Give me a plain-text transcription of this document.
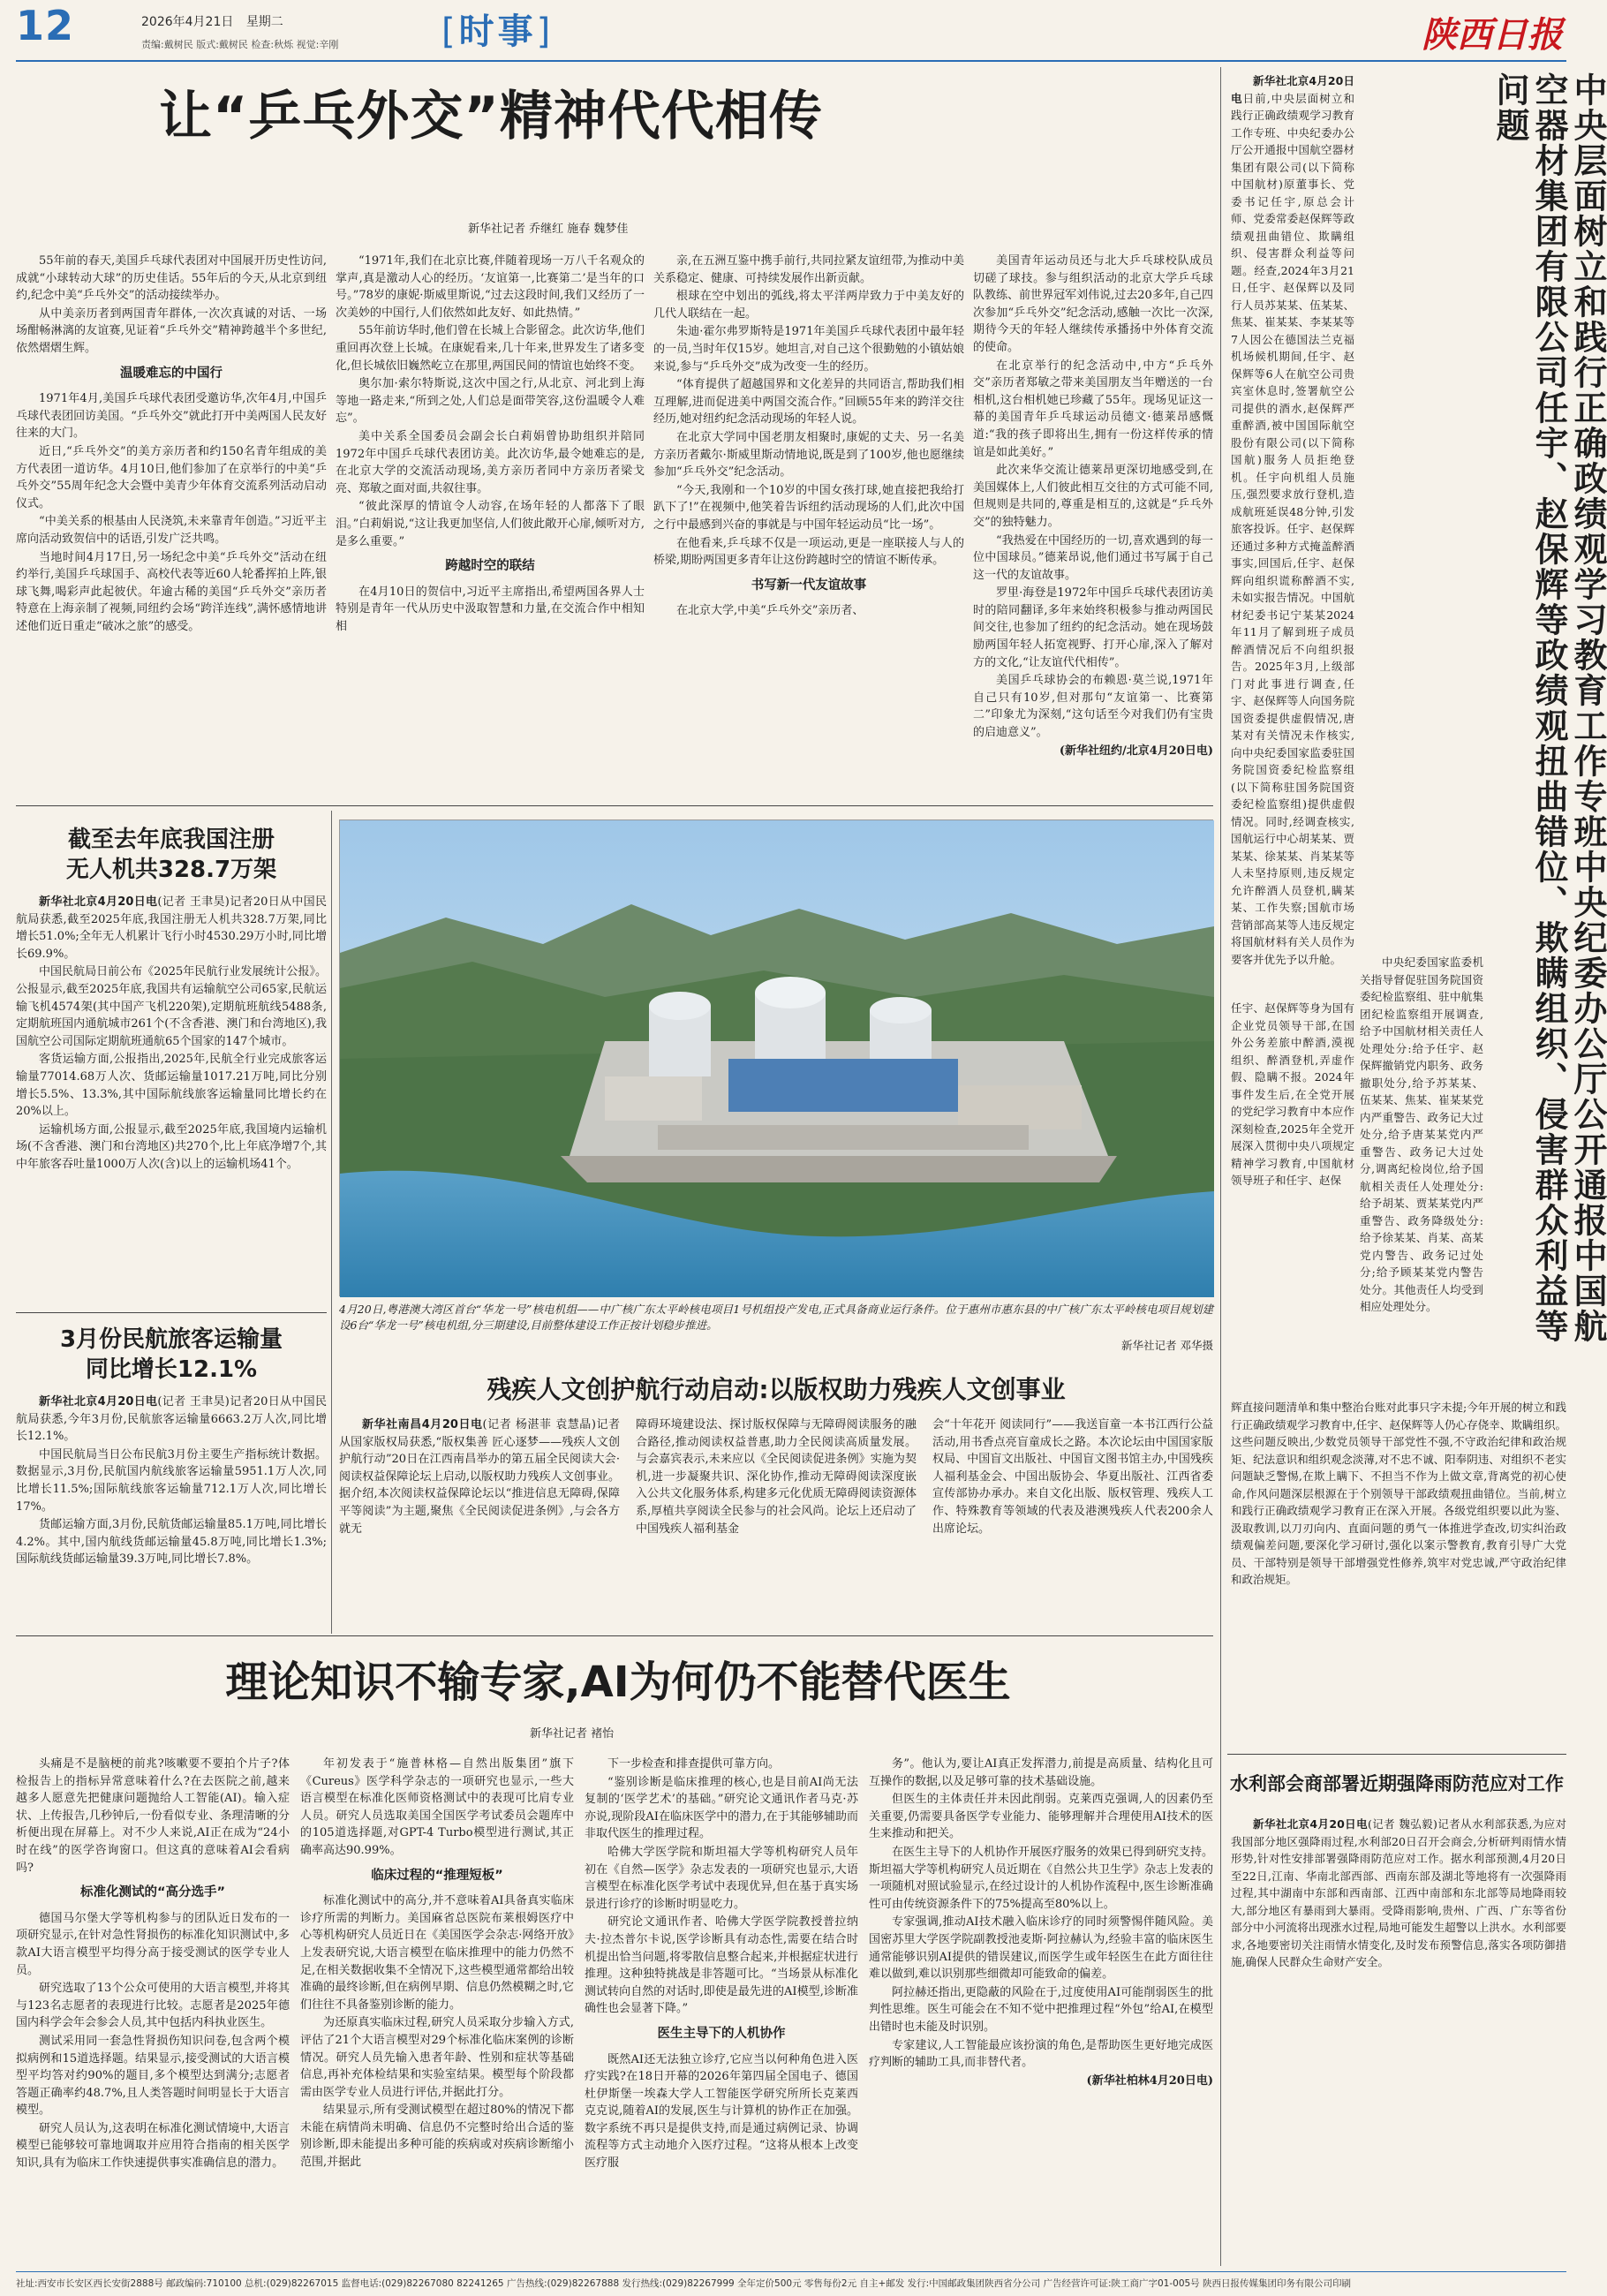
12	2026年4月21日 星期二
责编:戴树民 版式:戴树民 检查:秋烁 视觉:辛刚	[时事]	陕西日报
让“乒乓外交”精神代代相传
新华社记者 乔继红 施春 魏梦佳

55年前的春天,美国乒乓球代表团对中国展开历史性访问,成就“小球转动大球”的历史佳话。55年后的今天,从北京到纽约,纪念中美“乒乓外交”的活动接续举办。

从中美亲历者到两国青年群体,一次次真诚的对话、一场场酣畅淋漓的友谊赛,见证着“乒乓外交”精神跨越半个多世纪,依然熠熠生辉。

温暖难忘的中国行

1971年4月,美国乒乓球代表团受邀访华,次年4月,中国乒乓球代表团回访美国。“乒乓外交”就此打开中美两国人民友好往来的大门。

近日,“乒乓外交”的美方亲历者和约150名青年组成的美方代表团一道访华。4月10日,他们参加了在京举行的中美“乒乓外交”55周年纪念大会暨中美青少年体育交流系列活动启动仪式。

“中美关系的根基由人民浇筑,未来靠青年创造。”习近平主席向活动致贺信中的话语,引发广泛共鸣。

当地时间4月17日,另一场纪念中美“乒乓外交”活动在纽约举行,美国乒乓球国手、高校代表等近60人轮番挥拍上阵,银球飞舞,喝彩声此起彼伏。年逾古稀的美国“乒乓外交”亲历者特意在上海亲制了视频,同纽约会场“跨洋连线”,满怀感情地讲述他们近日重走“破冰之旅”的感受。

“1971年,我们在北京比赛,伴随着现场一万八千名观众的掌声,真是激动人心的经历。‘友谊第一,比赛第二’是当年的口号。”78岁的康妮·斯威里斯说,“过去这段时间,我们又经历了一次美妙的中国行,人们依然如此友好、如此热情。”

55年前访华时,他们曾在长城上合影留念。此次访华,他们重回再次登上长城。在康妮看来,几十年来,世界发生了诸多变化,但长城依旧巍然屹立在那里,两国民间的情谊也始终不变。

奥尔加·索尔特斯说,这次中国之行,从北京、河北到上海等地一路走来,“所到之处,人们总是面带笑容,这份温暖令人难忘”。

美中关系全国委员会副会长白莉娟曾协助组织并陪同1972年中国乒乓球代表团访美。此次访华,最令她难忘的是,在北京大学的交流活动现场,美方亲历者同中方亲历者梁戈亮、郑敏之面对面,共叙往事。

“彼此深厚的情谊令人动容,在场年轻的人都落下了眼泪。”白莉娟说,“这让我更加坚信,人们彼此敞开心扉,倾听对方,是多么重要。”

跨越时空的联结

在4月10日的贺信中,习近平主席指出,希望两国各界人士特别是青年一代从历史中汲取智慧和力量,在交流合作中相知相

亲,在五洲互鉴中携手前行,共同拉紧友谊纽带,为推动中美关系稳定、健康、可持续发展作出新贡献。

根球在空中划出的弧线,将太平洋两岸致力于中美友好的几代人联结在一起。

朱迪·霍尔弗罗斯特是1971年美国乒乓球代表团中最年轻的一员,当时年仅15岁。她坦言,对自己这个很勤勉的小镇姑娘来说,参与“乒乓外交”成为改变一生的经历。

“体育提供了超越国界和文化差异的共同语言,帮助我们相互理解,进而促进美中两国交流合作。”回顾55年来的跨洋交往经历,她对纽约纪念活动现场的年轻人说。

在北京大学同中国老朋友相聚时,康妮的丈夫、另一名美方亲历者戴尔·斯威里斯动情地说,既是到了100岁,他也愿继续参加“乒乓外交”纪念活动。

“今天,我刚和一个10岁的中国女孩打球,她直接把我给打趴下了!”在视频中,他笑着告诉纽约活动现场的人们,此次中国之行中最感到兴奋的事就是与中国年轻运动员“比一场”。

在他看来,乒乓球不仅是一项运动,更是一座联接人与人的桥梁,期盼两国更多青年让这份跨越时空的情谊不断传承。

书写新一代友谊故事

在北京大学,中美“乒乓外交”亲历者、

美国青年运动员还与北大乒乓球校队成员切磋了球技。参与组织活动的北京大学乒乓球队教练、前世界冠军刘伟说,过去20多年,自己四次参加“乒乓外交”纪念活动,感触一次比一次深,期待今天的年轻人继续传承播扬中外体育交流的使命。

在北京举行的纪念活动中,中方“乒乓外交”亲历者郑敏之带来美国朋友当年赠送的一台相机,这台相机她已珍藏了55年。现场见证这一幕的美国青年乒乓球运动员德文·德莱昂感慨道:“我的孩子即将出生,拥有一份这样传承的情谊是如此美好。”

此次来华交流让德莱昂更深切地感受到,在美国媒体上,人们彼此相互交往的方式可能不同,但规则是共同的,尊重是相互的,这就是“乒乓外交”的独特魅力。

“我热爱在中国经历的一切,喜欢遇到的每一位中国球员。”德莱昂说,他们通过书写属于自己这一代的友谊故事。

罗里·海登是1972年中国乒乓球代表团访美时的陪同翻译,多年来始终积极参与推动两国民间交往,也参加了纽约的纪念活动。她在现场鼓励两国年轻人拓宽视野、打开心扉,深入了解对方的文化,“让友谊代代相传”。

美国乒乓球协会的布赖恩·莫兰说,1971年自己只有10岁,但对那句“友谊第一、比赛第二”印象尤为深刻,“这句话至今对我们仍有宝贵的启迪意义”。

(新华社纽约/北京4月20日电)

截至去年底我国注册
无人机共328.7万架

新华社北京4月20日电(记者 王聿昊)记者20日从中国民航局获悉,截至2025年底,我国注册无人机共328.7万架,同比增长51.0%;全年无人机累计飞行小时4530.29万小时,同比增长69.9%。

中国民航局日前公布《2025年民航行业发展统计公报》。公报显示,截至2025年底,我国共有运输航空公司65家,民航运输飞机4574架(其中国产飞机220架),定期航班航线5488条,定期航班国内通航城市261个(不含香港、澳门和台湾地区),我国航空公司国际定期航班通航65个国家的147个城市。

客货运输方面,公报指出,2025年,民航全行业完成旅客运输量77014.68万人次、货邮运输量1017.21万吨,同比分别增长5.5%、13.3%,其中国际航线旅客运输量同比增长约在20%以上。

运输机场方面,公报显示,截至2025年底,我国境内运输机场(不含香港、澳门和台湾地区)共270个,比上年底净增7个,其中年旅客吞吐量1000万人次(含)以上的运输机场41个。

3月份民航旅客运输量
同比增长12.1%

新华社北京4月20日电(记者 王聿昊)记者20日从中国民航局获悉,今年3月份,民航旅客运输量6663.2万人次,同比增长12.1%。

中国民航局当日公布民航3月份主要生产指标统计数据。数据显示,3月份,民航国内航线旅客运输量5951.1万人次,同比增长11.5%;国际航线旅客运输量712.1万人次,同比增长17%。

货邮运输方面,3月份,民航货邮运输量85.1万吨,同比增长4.2%。其中,国内航线货邮运输量45.8万吨,同比增长1.3%;国际航线货邮运输量39.3万吨,同比增长7.8%。

4月20日,粤港澳大湾区首台“华龙一号”核电机组——中广核广东太平岭核电项目1号机组投产发电,正式具备商业运行条件。位于惠州市惠东县的中广核广东太平岭核电项目规划建设6台“华龙一号”核电机组,分三期建设,目前整体建设工作正按计划稳步推进。
新华社记者 邓华摄
残疾人文创护航行动启动:以版权助力残疾人文创事业

新华社南昌4月20日电(记者 杨湛菲 袁慧晶)记者从国家版权局获悉,“版权集善 匠心逐梦——残疾人文创护航行动”20日在江西南昌举办的第五届全民阅读大会·阅读权益保障论坛上启动,以版权助力残疾人文创事业。据介绍,本次阅读权益保障论坛以“推进信息无障碍,保障平等阅读”为主题,聚焦《全民阅读促进条例》,与会各方就无

障碍环境建设法、探讨版权保障与无障碍阅读服务的融合路径,推动阅读权益普惠,助力全民阅读高质量发展。与会嘉宾表示,未来应以《全民阅读促进条例》实施为契机,进一步凝聚共识、深化协作,推动无障碍阅读深度嵌入公共文化服务体系,构建多元化优质无障碍阅读资源体系,厚植共享阅读全民参与的社会风尚。论坛上还启动了中国残疾人福利基金

会“十年花开 阅读同行”——我送盲童一本书江西行公益活动,用书香点亮盲童成长之路。本次论坛由中国国家版权局、中国盲文出版社、中国盲文图书馆主办,中国残疾人福利基金会、中国出版协会、华夏出版社、江西省委宣传部协办承办。来自文化出版、版权管理、残疾人工作、特殊教育等领域的代表及港澳残疾人代表200余人出席论坛。

理论知识不输专家,AI为何仍不能替代医生
新华社记者 褚怡

头痛是不是脑梗的前兆?咳嗽要不要拍个片子?体检报告上的指标异常意味着什么?在去医院之前,越来越多人愿意先把健康问题抛给人工智能(AI)。输入症状、上传报告,几秒钟后,一份看似专业、条理清晰的分析便出现在屏幕上。对不少人来说,AI正在成为“24小时在线”的医学咨询窗口。但这真的意味着AI会看病吗?

标准化测试的“高分选手”

德国马尔堡大学等机构参与的团队近日发布的一项研究显示,在针对急性肾损伤的标准化知识测试中,多款AI大语言模型平均得分高于接受测试的医学专业人员。

研究选取了13个公众可使用的大语言模型,并将其与123名志愿者的表现进行比较。志愿者是2025年德国内科学会年会参会人员,其中包括内科执业医生。

测试采用同一套急性肾损伤知识问卷,包含两个模拟病例和15道选择题。结果显示,接受测试的大语言模型平均答对约90%的题目,多个模型达到满分;志愿者答题正确率约48.7%,且人类答题时间明显长于大语言模型。

研究人员认为,这表明在标准化测试情境中,大语言模型已能够较可靠地调取并应用符合指南的相关医学知识,具有为临床工作快速提供事实准确信息的潜力。

年初发表于“施普林格—自然出版集团”旗下《Cureus》医学科学杂志的一项研究也显示,一些大语言模型在标准化医师资格测试中的表现可比肩专业人员。研究人员选取美国全国医学考试委员会题库中的105道选择题,对GPT-4 Turbo模型进行测试,其正确率高达90.99%。

临床过程的“推理短板”

标准化测试中的高分,并不意味着AI具备真实临床诊疗所需的判断力。美国麻省总医院布莱根姆医疗中心等机构研究人员近日在《美国医学会杂志·网络开放》上发表研究说,大语言模型在临床推理中的能力仍然不足,在相关数据收集不全情况下,这些模型通常都给出较准确的最终诊断,但在病例早期、信息仍然模糊之时,它们往往不具备鉴别诊断的能力。

为还原真实临床过程,研究人员采取分步输入方式,评估了21个大语言模型对29个标准化临床案例的诊断情况。研究人员先输入患者年龄、性别和症状等基础信息,再补充体检结果和实验室结果。模型每个阶段都需由医学专业人员进行评估,并据此打分。

结果显示,所有受测试模型在超过80%的情况下都未能在病情尚未明确、信息仍不完整时给出合适的鉴别诊断,即未能提出多种可能的疾病或对疾病诊断缩小范围,并据此

下一步检查和排查提供可靠方向。

“鉴别诊断是临床推理的核心,也是目前AI尚无法复制的‘医学艺术’的基础。”研究论文通讯作者马克·苏亦说,现阶段AI在临床医学中的潜力,在于其能够辅助而非取代医生的推理过程。

哈佛大学医学院和斯坦福大学等机构研究人员年初在《自然—医学》杂志发表的一项研究也显示,大语言模型在标准化医学考试中表现优异,但在基于真实场景进行诊疗的诊断时明显吃力。

研究论文通讯作者、哈佛大学医学院教授普拉纳夫·拉杰普尔卡说,医学诊断具有动态性,需要在结合时机提出恰当问题,将零散信息整合起来,并根据症状进行推理。这种独特挑战是非答题可比。“当场景从标准化测试转向自然的对话时,即使是最先进的AI模型,诊断准确性也会显著下降。”

医生主导下的人机协作

既然AI还无法独立诊疗,它应当以何种角色进入医疗实践?在18日开幕的2026年第四届全国电子、德国杜伊斯堡一埃森大学人工智能医学研究所所长克莱西克克说,随着AI的发展,医生与计算机的协作正在加强。数字系统不再只是提供支持,而是通过病例记录、协调流程等方式主动地介入医疗过程。“这将从根本上改变医疗服

务”。他认为,要让AI真正发挥潜力,前提是高质量、结构化且可互操作的数据,以及足够可靠的技术基础设施。

但医生的主体责任并未因此削弱。克莱西克强调,人的因素仍至关重要,仍需要具备医学专业能力、能够理解并合理使用AI技术的医生来推动和把关。

在医生主导下的人机协作开展医疗服务的效果已得到研究支持。斯坦福大学等机构研究人员近期在《自然公共卫生学》杂志上发表的一项随机对照试验显示,在经过设计的人机协作流程中,医生诊断准确性可由传统资源条件下的75%提高至80%以上。

专家强调,推动AI技术融入临床诊疗的同时须警惕伴随风险。美国密苏里大学医学院副教授池麦斯·阿拉赫认为,经验丰富的临床医生通常能够识别AI提供的错误建议,而医学生或年轻医生在此方面往往难以做到,难以识别那些细微却可能致命的偏差。

阿拉赫还指出,更隐蔽的风险在于,过度使用AI可能削弱医生的批判性思维。医生可能会在不知不觉中把推理过程“外包”给AI,在模型出错时也未能及时识别。

专家建议,人工智能最应该扮演的角色,是帮助医生更好地完成医疗判断的辅助工具,而非替代者。

(新华社柏林4月20日电)

中央层面树立和践行正确政绩观学习教育工作专班中央纪委办公厅公开通报中国航空器材集团有限公司任宇、赵保辉等政绩观扭曲错位、欺瞒组织、侵害群众利益等问题

新华社北京4月20日电日前,中央层面树立和践行正确政绩观学习教育工作专班、中央纪委办公厅公开通报中国航空器材集团有限公司(以下简称中国航材)原董事长、党委书记任宇,原总会计师、党委常委赵保辉等政绩观扭曲错位、欺瞒组织、侵害群众利益等问题。经查,2024年3月21日,任宇、赵保辉以及同行人员苏某某、伍某某、焦某、崔某某、李某某等7人因公在德国法兰克福机场候机期间,任宇、赵保辉等6人在航空公司贵宾室休息时,签署航空公司提供的酒水,赵保辉严重醉酒,被中国国际航空股份有限公司(以下简称国航)服务人员拒绝登机。任宇向机组人员施压,强烈要求放行登机,造成航班延误48分钟,引发旅客投诉。任宇、赵保辉还通过多种方式掩盖醉酒事实,回国后,任宇、赵保辉向组织谎称醉酒不实,未如实报告情况。中国航材纪委书记宁某某2024年11月了解到班子成员醉酒情况后不向组织报告。2025年3月,上级部门对此事进行调查,任宇、赵保辉等人向国务院国资委提供虚假情况,唐某对有关情况未作核实,向中央纪委国家监委驻国务院国资委纪检监察组(以下简称驻国务院国资委纪检监察组)提供虚假情况。同时,经调查核实,国航运行中心胡某某、贾某某、徐某某、肖某某等人未坚持原则,违反规定允许醉酒人员登机,瞒某某、工作失察;国航市场营销部高某等人违反规定将国航材料有关人员作为要客并优先予以升舱。	中央纪委国家监委机关指导督促驻国务院国资委纪检监察组、驻中航集团纪检监察组开展调查,给予中国航材相关责任人处理处分:给予任宇、赵保辉撤销党内职务、政务撤职处分,给予苏某某、伍某某、焦某、崔某某党内严重警告、政务记大过处分,给予唐某某党内严重警告、政务记大过处分,调离纪检岗位,给予国航相关责任人处理处分:给予胡某、贾某某党内严重警告、政务降级处分:给予徐某某、肖某、高某党内警告、政务记过处分;给予顾某某党内警告处分。其他责任人均受到相应处理处分。

任宇、赵保辉等身为国有企业党员领导干部,在国外公务差旅中醉酒,漠视组织、醉酒登机,弄虚作假、隐瞒不报。2024年事件发生后,在全党开展的党纪学习教育中本应作深刻检查,2025年全党开展深入贯彻中央八项规定精神学习教育,中国航材领导班子和任宇、赵保

辉直接问题清单和集中整治台账对此事只字未提;今年开展的树立和践行正确政绩观学习教育中,任宇、赵保辉等人仍心存侥幸、欺瞒组织。这些问题反映出,少数党员领导干部党性不强,不守政治纪律和政治规矩、纪法意识和组织观念淡薄,对不忠不诚、阳奉阴违、对组织不老实问题缺乏警惕,在欺上瞒下、不担当不作为上做文章,背离党的初心使命,作风问题深层根源在于个别领导干部政绩观扭曲错位。当前,树立和践行正确政绩观学习教育正在深入开展。各级党组织要以此为鉴、汲取教训,以刀刃向内、直面问题的勇气一体推进学查改,切实纠治政绩观偏差问题,要深化学习研讨,强化以案示警教育,教育引导广大党员、干部特别是领导干部增强党性修养,筑牢对党忠诚,严守政治纪律和政治规矩。

水利部会商部署近期强降雨防范应对工作

新华社北京4月20日电(记者 魏弘毅)记者从水利部获悉,为应对我国部分地区强降雨过程,水利部20日召开会商会,分析研判雨情水情形势,针对性安排部署强降雨防范应对工作。据水利部预测,4月20日至22日,江南、华南北部西部、西南东部及湖北等地将有一次强降雨过程,其中湖南中东部和西南部、江西中南部和东北部等局地降雨较大,部分地区有暴雨到大暴雨。受降雨影响,贵州、广西、广东等省份部分中小河流将出现涨水过程,局地可能发生超警以上洪水。水利部要求,各地要密切关注雨情水情变化,及时发布预警信息,落实各项防御措施,确保人民群众生命财产安全。

社址:西安市长安区西长安街2888号 邮政编码:710100 总机:(029)82267015 监督电话:(029)82267080 82241265 广告热线:(029)82267888 发行热线:(029)82267999 全年定价500元 零售每份2元 自主+邮发 发行:中国邮政集团陕西省分公司 广告经营许可证:陕工商广字01-005号 陕西日报传媒集团印务有限公司印刷
